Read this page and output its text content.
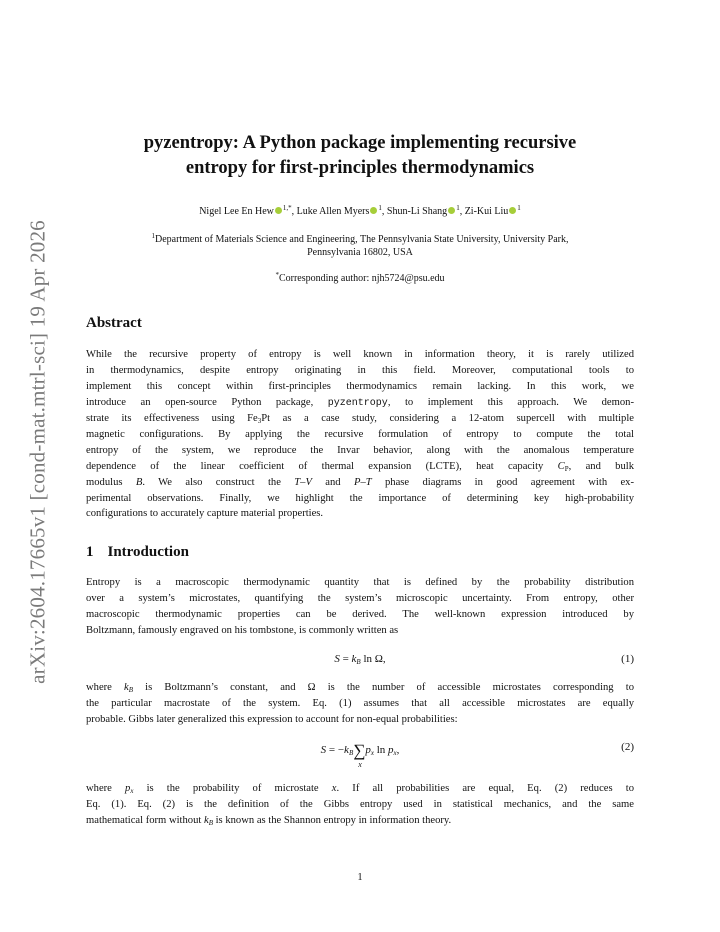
arXiv:2604.17665v1 [cond-mat.mtrl-sci] 19 Apr 2026
pyzentropy: A Python package implementing recursive
entropy for first-principles thermodynamics
Nigel Lee En Hew $^{1,*}$, Luke Allen Myers $^1$, Shun-Li Shang $^1$, Zi-Kui Liu $^1$
$^1$Department of Materials Science and Engineering, The Pennsylvania State University, University Park,
Pennsylvania 16802, USA
*Corresponding author: njh5724@psu.edu
Abstract
While the recursive property of entropy is well known in information theory, it is rarely utilized
in thermodynamics, despite entropy originating in this field. Moreover, computational tools to
implement this concept within first-principles thermodynamics remain lacking. In this work, we
introduce an open-source Python package, pyzentropy, to implement this approach. We demon-
strate its effectiveness using $Fe_3Pt$ as a case study, considering a 12-atom supercell with multiple
magnetic configurations. By applying the recursive formulation of entropy to compute the total
entropy of the system, we reproduce the Invar behavior, along with the anomalous temperature
dependence of the linear coefficient of thermal expansion (LCTE), heat capacity $C_P$, and bulk
modulus B. We also construct the T–V and P–T phase diagrams in good agreement with ex-
perimental observations. Finally, we highlight the importance of determining key high-probability
configurations to accurately capture material properties.
1 Introduction
Entropy is a macroscopic thermodynamic quantity that is defined by the probability distribution
over a system’s microstates, quantifying the system’s microscopic uncertainty. From entropy, other
macroscopic thermodynamic properties can be derived. The well-known expression introduced by
Boltzmann, famously engraved on his tombstone, is commonly written as
$S = k_B$ ln Ω,	(1)
where $k_B$ is Boltzmann’s constant, and Ω is the number of accessible microstates corresponding to
the particular macrostate of the system. Eq. (1) assumes that all accessible microstates are equally
probable. Gibbs later generalized this expression to account for non-equal probabilities:
$S = -k_B\sum$
x
$p_x$ $\ln p_x$,	(2)
where $p_x$ is the probability of microstate x. If all probabilities are equal, Eq. (2) reduces to
Eq. (1). Eq. (2) is the definition of the Gibbs entropy used in statistical mechanics, and the same
mathematical form without $k_B$ is known as the Shannon entropy in information theory.
1
